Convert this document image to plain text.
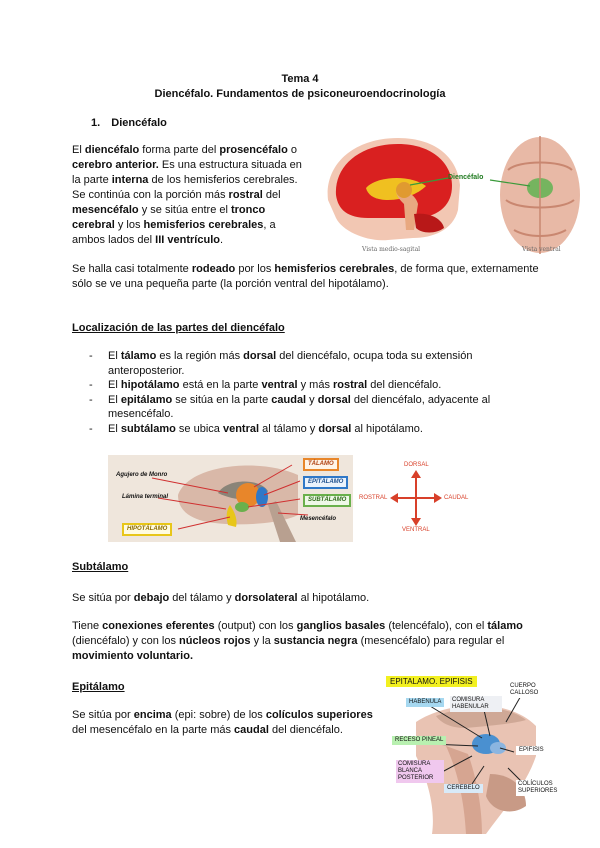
Tema 4
Diencéfalo. Fundamentos de psiconeuroendocrinología
1. Diencéfalo
El diencéfalo forma parte del prosencéfalo o cerebro anterior. Es una estructura situada en la parte interna de los hemisferios cerebrales. Se continúa con la porción más rostral del mesencéfalo y se sitúa entre el tronco cerebral y los hemisferios cerebrales, a ambos lados del III ventrículo.
Diencéfalo
Vista medio-sagital	Vista ventral
Se halla casi totalmente rodeado por los hemisferios cerebrales, de forma que, externamente sólo se ve una pequeña parte (la porción ventral del hipotálamo).
Localización de las partes del diencéfalo
- El tálamo es la región más dorsal del diencéfalo, ocupa toda su extensión anteroposterior.
- El hipotálamo está en la parte ventral y más rostral del diencéfalo.
- El epitálamo se sitúa en la parte caudal y dorsal del diencéfalo, adyacente al mesencéfalo.
- El subtálamo se ubica ventral al tálamo y dorsal al hipotálamo.
Agujero de Monro
Lámina terminal
Mesencéfalo
TÁLAMO
EPITÁLAMO
SUBTÁLAMO
HIPOTÁLAMO
DORSAL
VENTRAL
ROSTRAL	CAUDAL
Subtálamo
Se sitúa por debajo del tálamo y dorsolateral al hipotálamo.
Tiene conexiones eferentes (output) con los ganglios basales (telencéfalo), con el tálamo (diencéfalo) y con los núcleos rojos y la sustancia negra (mesencéfalo) para regular el movimiento voluntario.
Epitálamo
Se sitúa por encima (epi: sobre) de los colículos superiores del mesencéfalo en la parte más caudal del diencéfalo.
EPITALAMO. EPIFISIS
HABENULA	COMISURA HABENULAR
CUERPO CALLOSO
RECESO PINEAL
EPIFISIS
COMISURA BLANCA POSTERIOR
CEREBELO
COLÍCULOS SUPERIORES
